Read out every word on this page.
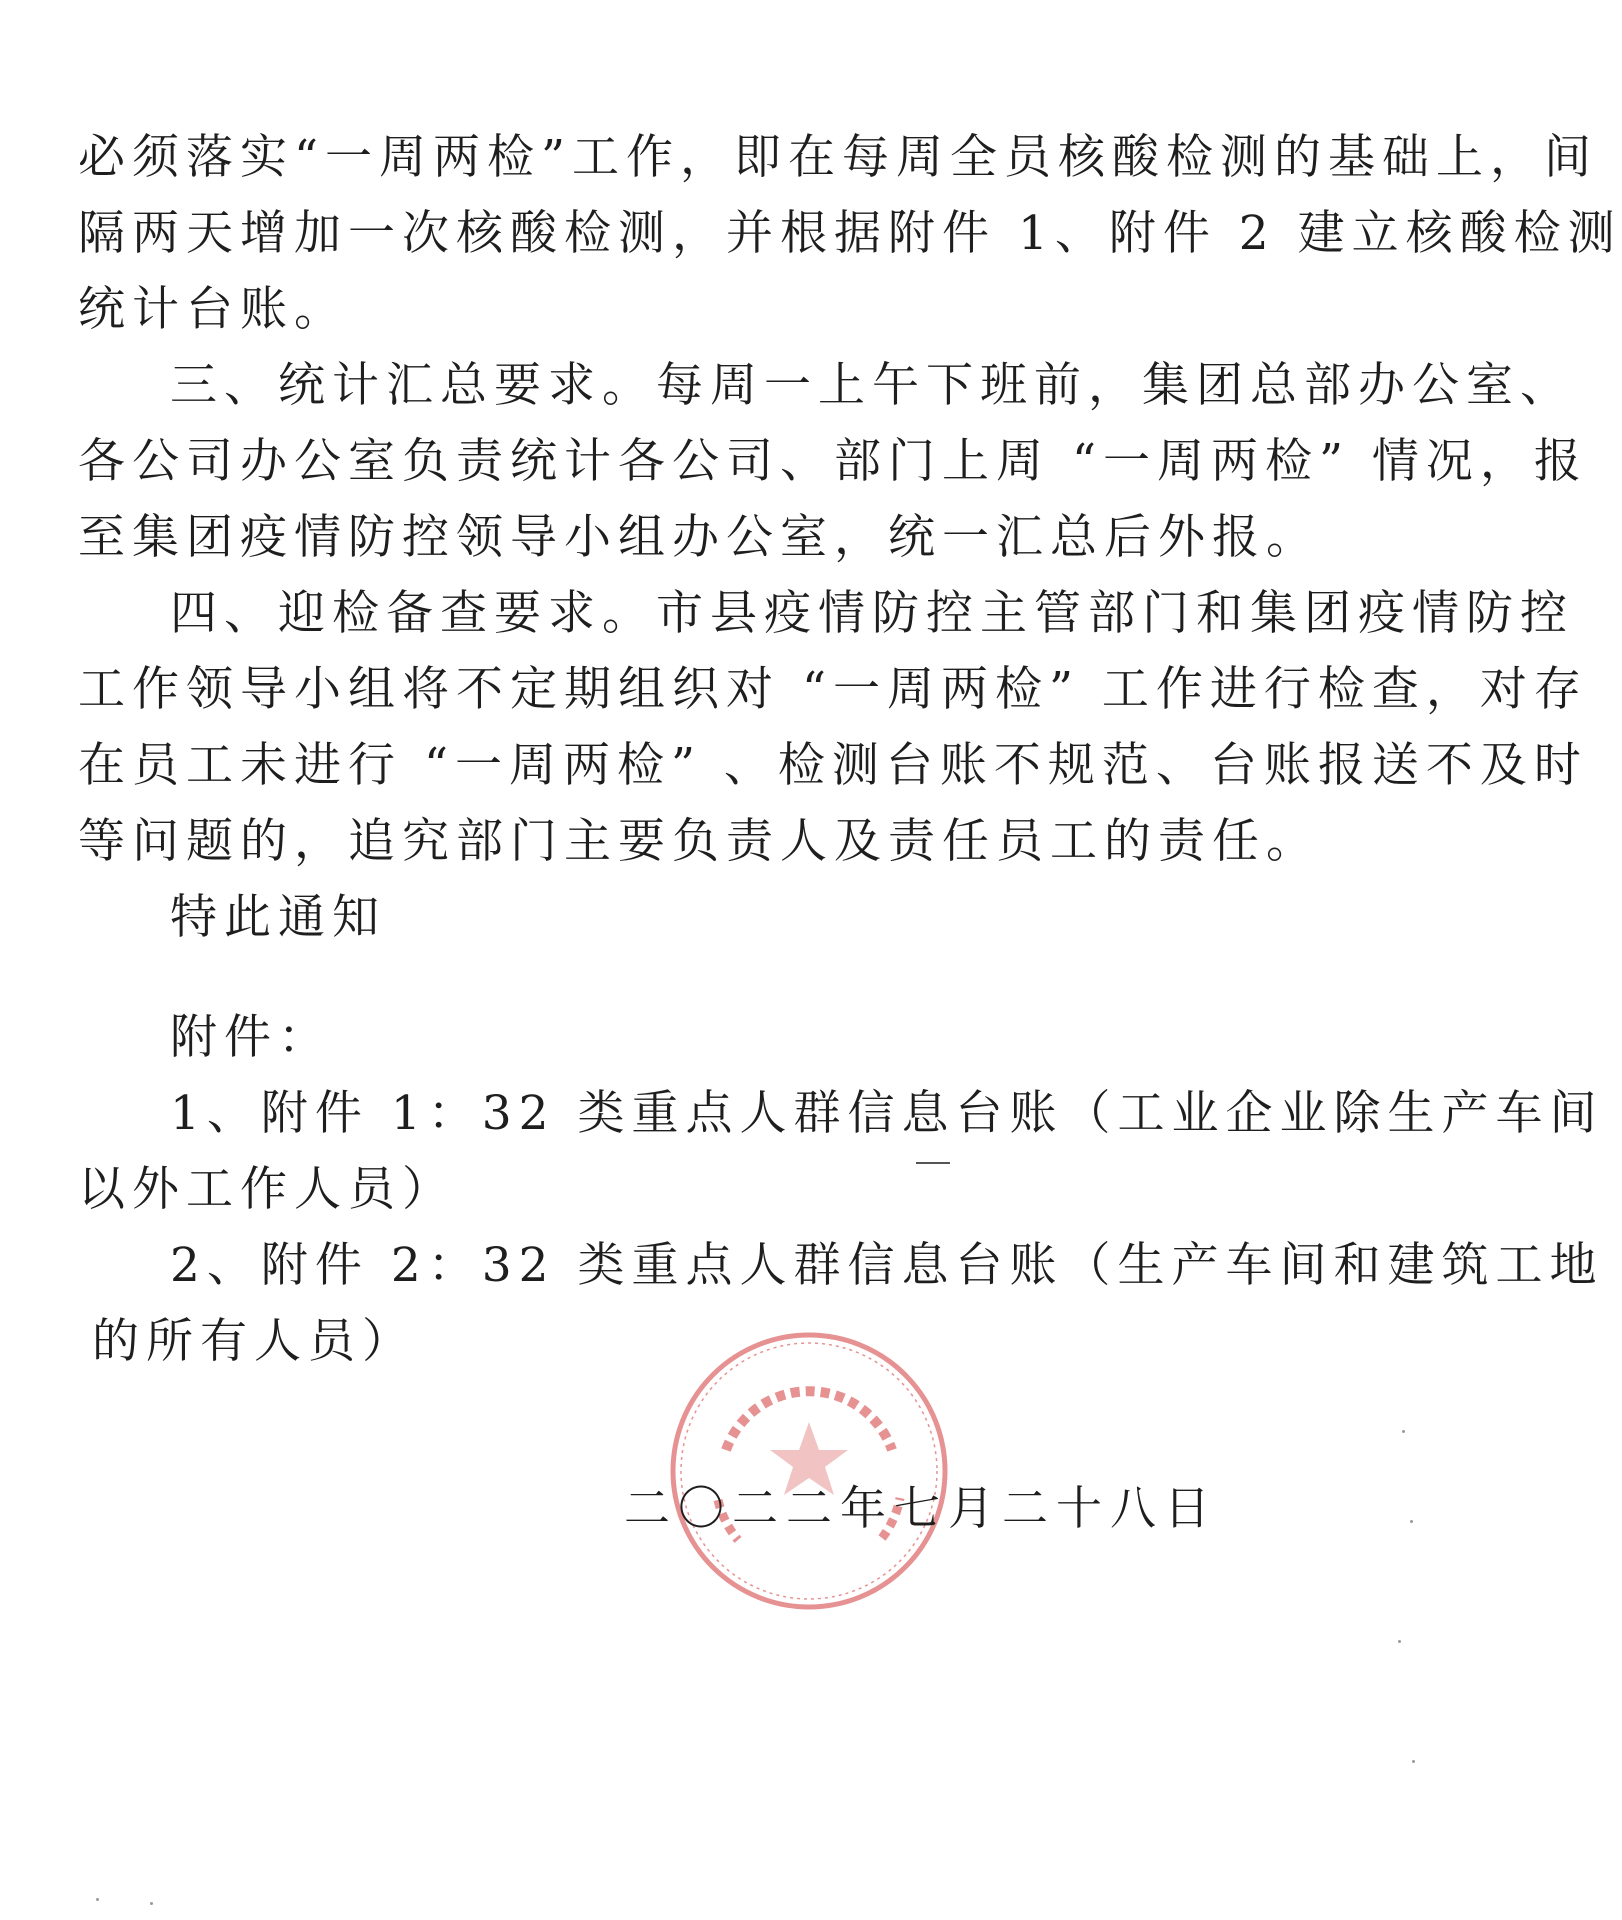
必须落实“一周两检”工作，即在每周全员核酸检测的基础上，间
隔两天增加一次核酸检测，并根据附件 1、附件 2 建立核酸检测
统计台账。
三、统计汇总要求。每周一上午下班前，集团总部办公室、
各公司办公室负责统计各公司、部门上周 “一周两检” 情况，报
至集团疫情防控领导小组办公室，统一汇总后外报。
四、迎检备查要求。市县疫情防控主管部门和集团疫情防控
工作领导小组将不定期组织对 “一周两检” 工作进行检查，对存
在员工未进行 “一周两检” 、检测台账不规范、台账报送不及时
等问题的，追究部门主要负责人及责任员工的责任。
特此通知
附件：
1、附件 1：32 类重点人群信息台账（工业企业除生产车间
以外工作人员）
2、附件 2：32 类重点人群信息台账（生产车间和建筑工地
的所有人员）
二〇二二年七月二十八日
